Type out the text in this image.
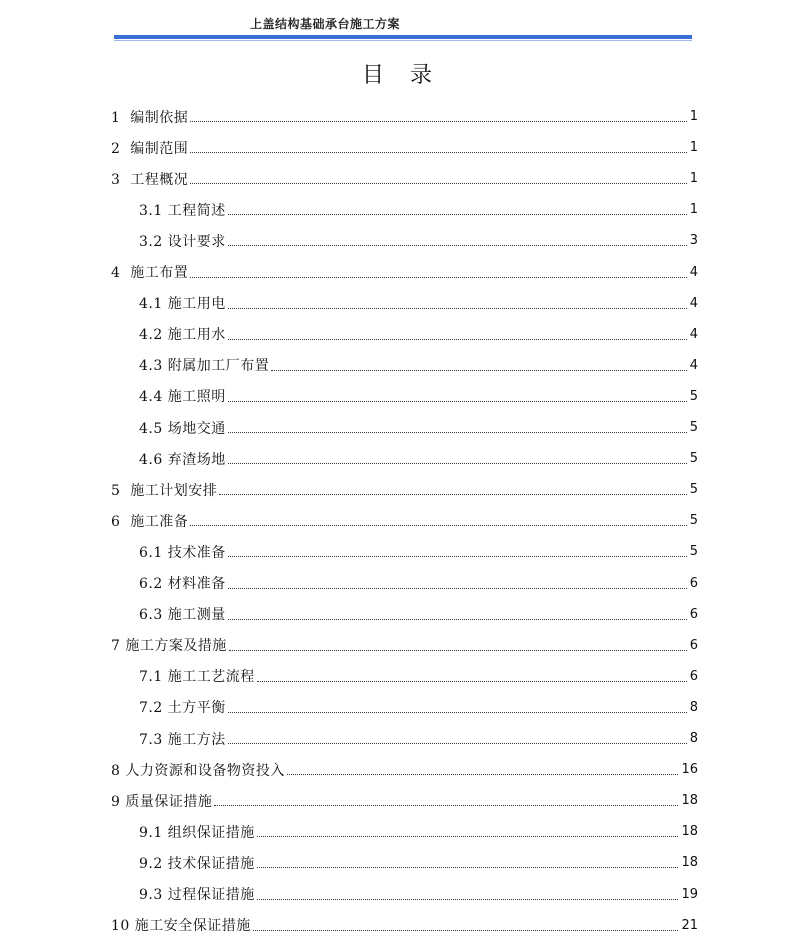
上盖结构基础承台施工方案
目录
1  编制依据	1
2  编制范围	1
3  工程概况	1
3.1 工程简述	1
3.2 设计要求	3
4  施工布置	4
4.1 施工用电	4
4.2 施工用水	4
4.3 附属加工厂布置	4
4.4 施工照明	5
4.5 场地交通	5
4.6 弃渣场地	5
5  施工计划安排	5
6  施工准备	5
6.1 技术准备	5
6.2 材料准备	6
6.3 施工测量	6
7 施工方案及措施	6
7.1 施工工艺流程	6
7.2 土方平衡	8
7.3 施工方法	8
8 人力资源和设备物资投入	16
9 质量保证措施	18
9.1 组织保证措施	18
9.2 技术保证措施	18
9.3 过程保证措施	19
10 施工安全保证措施	21
